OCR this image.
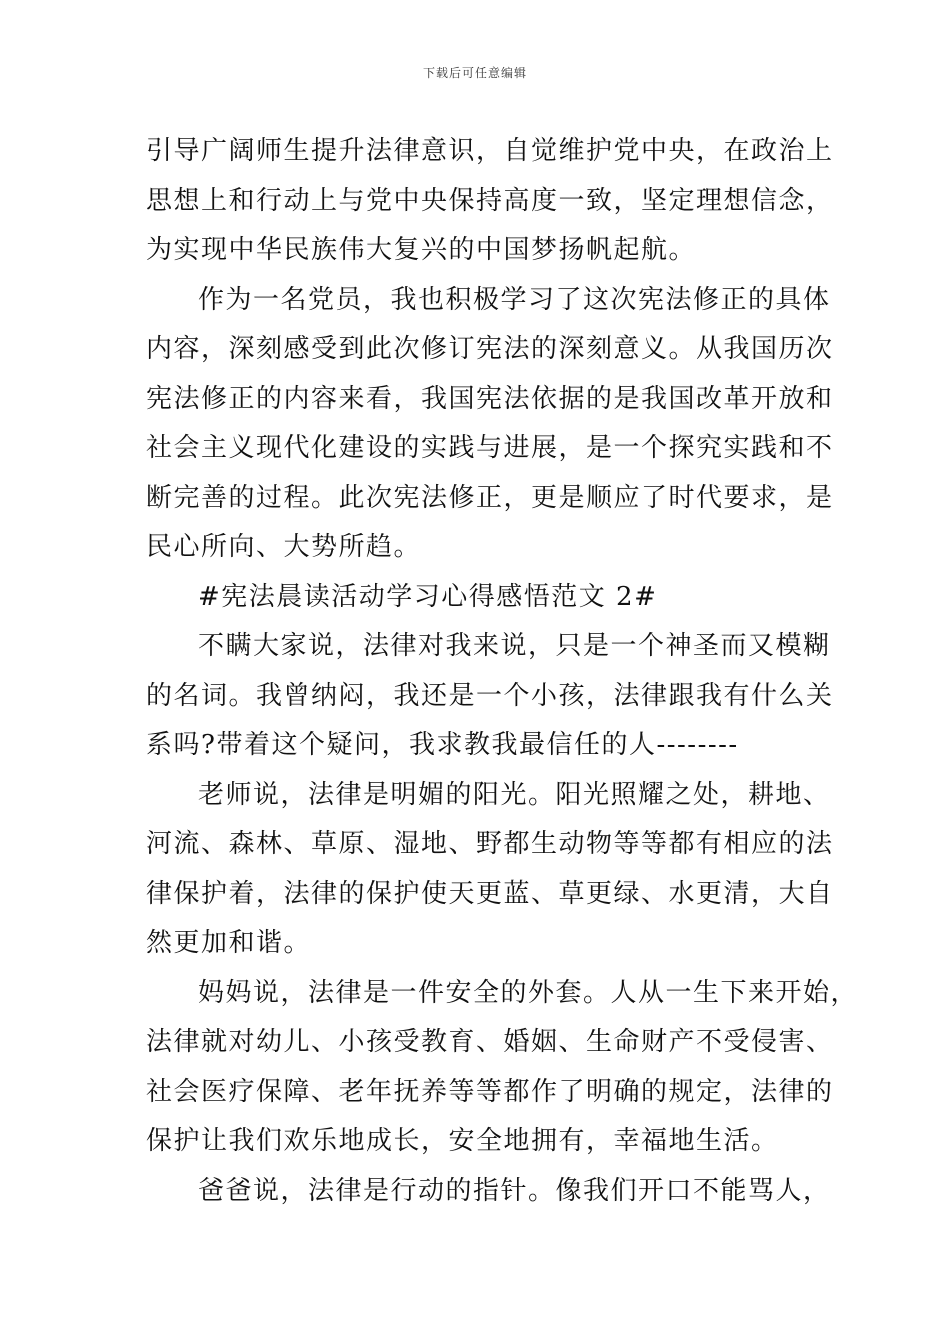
下载后可任意编辑
引导广阔师生提升法律意识，自觉维护党中央，在政治上
思想上和行动上与党中央保持高度一致，坚定理想信念，
为实现中华民族伟大复兴的中国梦扬帆起航。
作为一名党员，我也积极学习了这次宪法修正的具体
内容，深刻感受到此次修订宪法的深刻意义。从我国历次
宪法修正的内容来看，我国宪法依据的是我国改革开放和
社会主义现代化建设的实践与进展，是一个探究实践和不
断完善的过程。此次宪法修正，更是顺应了时代要求，是
民心所向、大势所趋。
#宪法晨读活动学习心得感悟范文 2#
不瞒大家说，法律对我来说，只是一个神圣而又模糊
的名词。我曾纳闷，我还是一个小孩，法律跟我有什么关
系吗?带着这个疑问，我求教我最信任的人--------
老师说，法律是明媚的阳光。阳光照耀之处，耕地、
河流、森林、草原、湿地、野都生动物等等都有相应的法
律保护着，法律的保护使天更蓝、草更绿、水更清，大自
然更加和谐。
妈妈说，法律是一件安全的外套。人从一生下来开始，
法律就对幼儿、小孩受教育、婚姻、生命财产不受侵害、
社会医疗保障、老年抚养等等都作了明确的规定，法律的
保护让我们欢乐地成长，安全地拥有，幸福地生活。
爸爸说，法律是行动的指针。像我们开口不能骂人，
